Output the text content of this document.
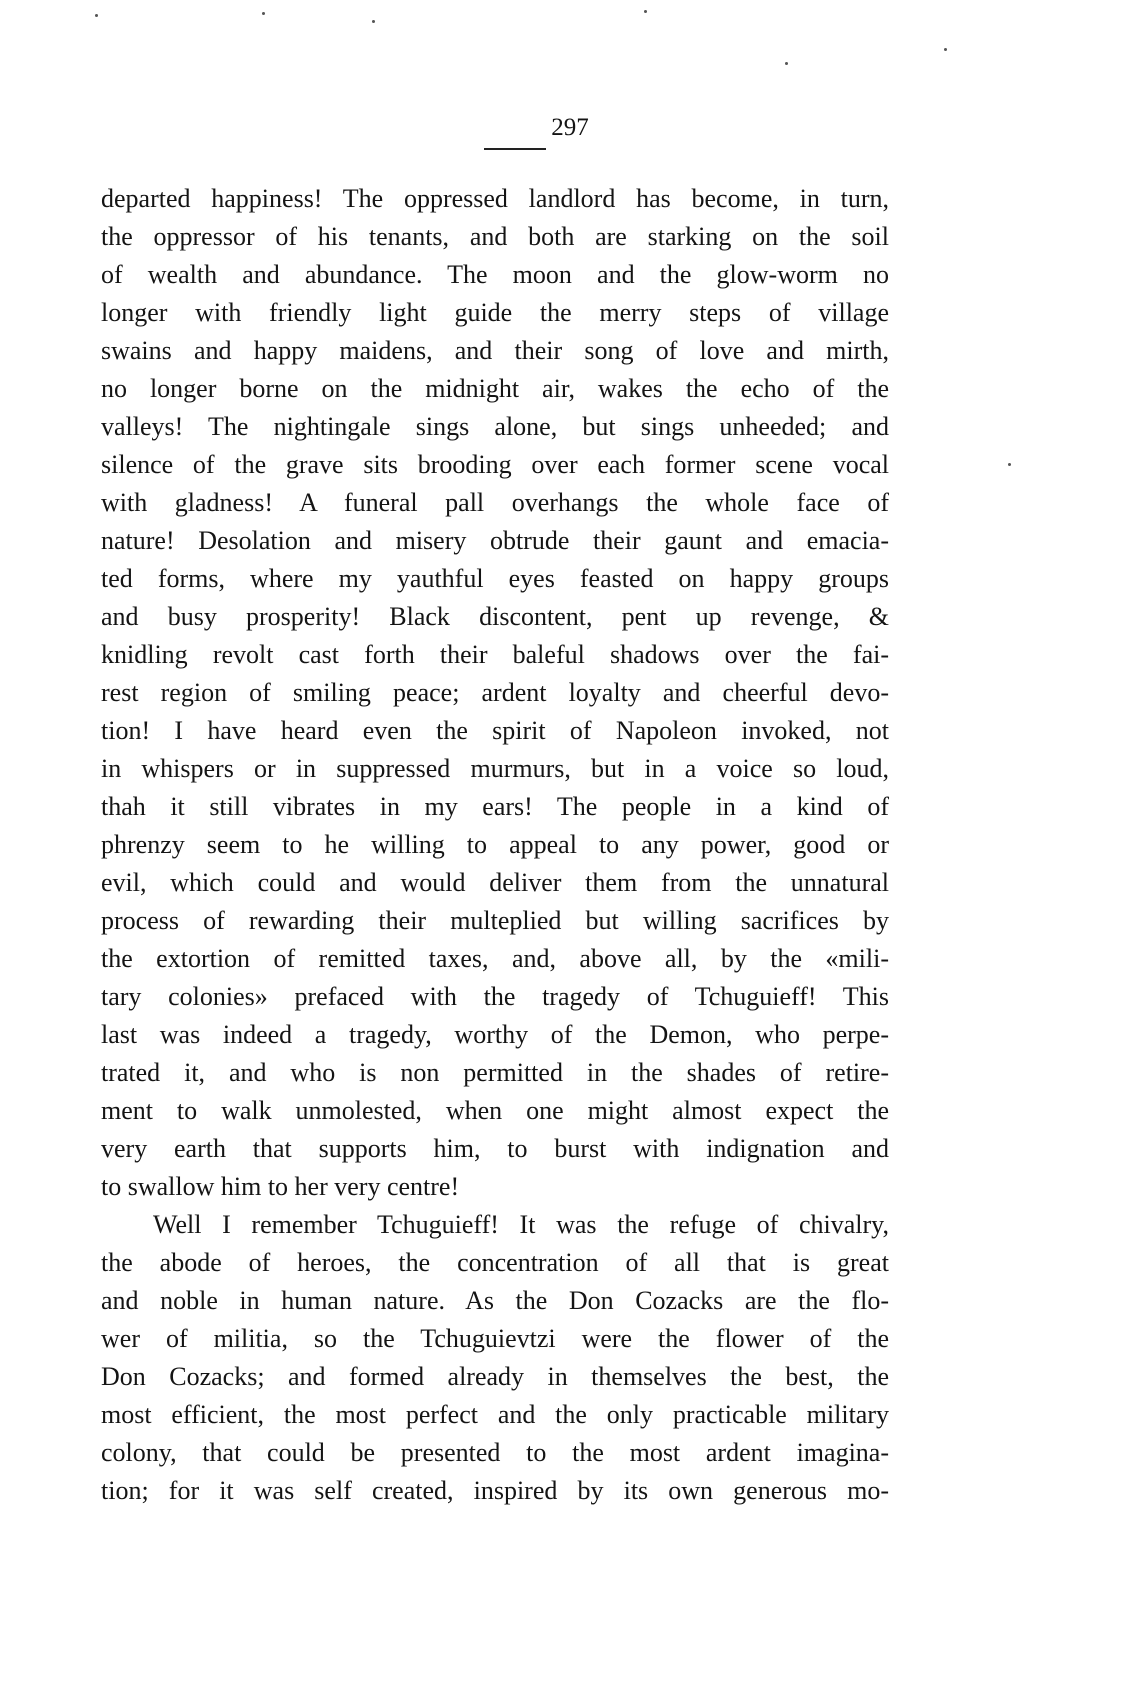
297
departed happiness! The oppressed landlord has become, in turn,
the oppressor of his tenants, and both are starking on the soil
of wealth and abundance. The moon and the glow-worm no
longer with friendly light guide the merry steps of village
swains and happy maidens, and their song of love and mirth,
no longer borne on the midnight air, wakes the echo of the
valleys! The nightingale sings alone, but sings unheeded; and
silence of the grave sits brooding over each former scene vocal
with gladness! A funeral pall overhangs the whole face of
nature! Desolation and misery obtrude their gaunt and emacia-
ted forms, where my yauthful eyes feasted on happy groups
and busy prosperity! Black discontent, pent up revenge, &
knidling revolt cast forth their baleful shadows over the fai-
rest region of smiling peace; ardent loyalty and cheerful devo-
tion! I have heard even the spirit of Napoleon invoked, not
in whispers or in suppressed murmurs, but in a voice so loud,
thah it still vibrates in my ears! The people in a kind of
phrenzy seem to he willing to appeal to any power, good or
evil, which could and would deliver them from the unnatural
process of rewarding their multeplied but willing sacrifices by
the extortion of remitted taxes, and, above all, by the «mili-
tary colonies» prefaced with the tragedy of Tchuguieff! This
last was indeed a tragedy, worthy of the Demon, who perpe-
trated it, and who is non permitted in the shades of retire-
ment to walk unmolested, when one might almost expect the
very earth that supports him, to burst with indignation and
to swallow him to her very centre!
Well I remember Tchuguieff! It was the refuge of chivalry,
the abode of heroes, the concentration of all that is great
and noble in human nature. As the Don Cozacks are the flo-
wer of militia, so the Tchuguievtzi were the flower of the
Don Cozacks; and formed already in themselves the best, the
most efficient, the most perfect and the only practicable military
colony, that could be presented to the most ardent imagina-
tion; for it was self created, inspired by its own generous mo-
